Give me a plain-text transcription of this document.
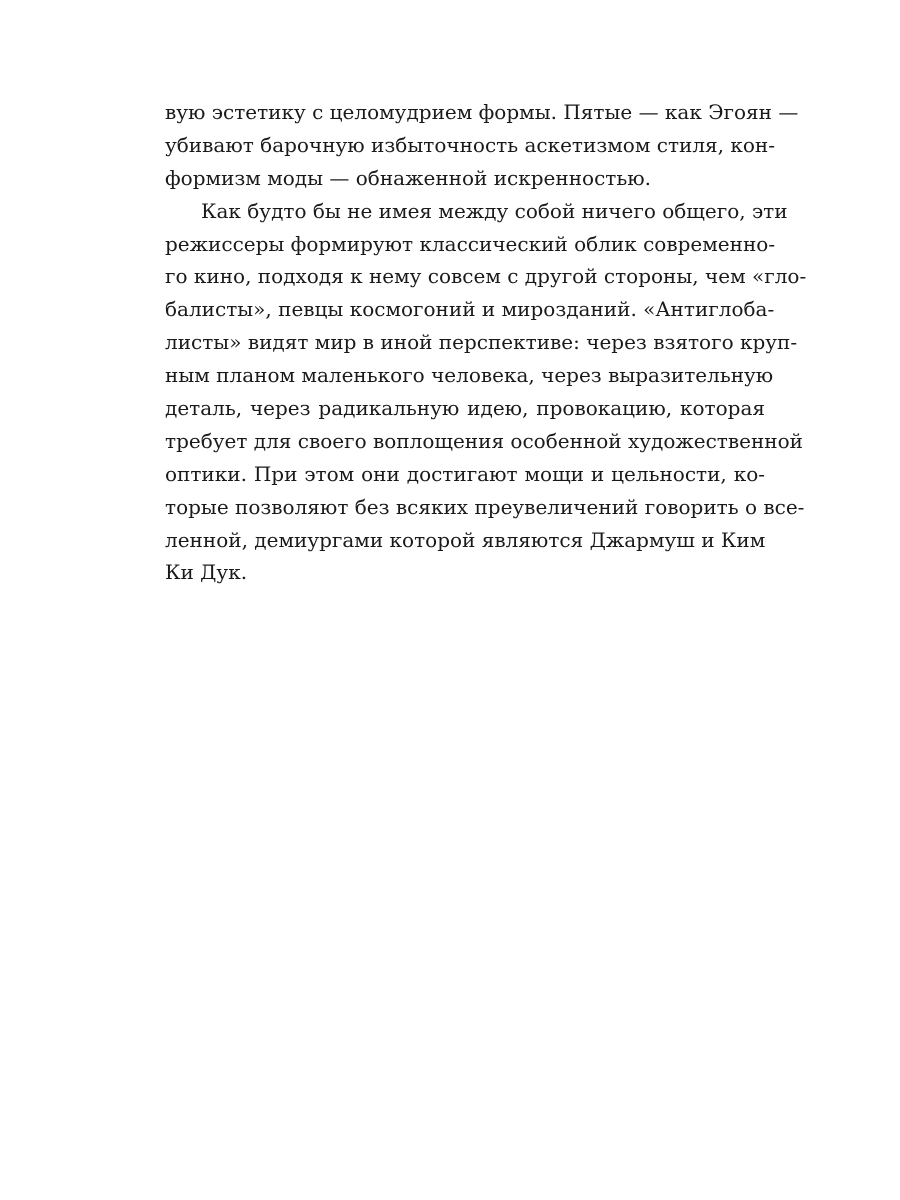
вую эстетику с целомудрием формы. Пятые — как Эгоян —
убивают барочную избыточность аскетизмом стиля, кон-
формизм моды — обнаженной искренностью.
Как будто бы не имея между собой ничего общего, эти
режиссеры формируют классический облик современно-
го кино, подходя к нему совсем с другой стороны, чем «гло-
балисты», певцы космогоний и мирозданий. «Антиглоба-
листы» видят мир в иной перспективе: через взятого круп-
ным планом маленького человека, через выразительную
деталь, через радикальную идею, провокацию, которая
требует для своего воплощения особенной художественной
оптики. При этом они достигают мощи и цельности, ко-
торые позволяют без всяких преувеличений говорить о все-
ленной, демиургами которой являются Джармуш и Ким
Ки Дук.
